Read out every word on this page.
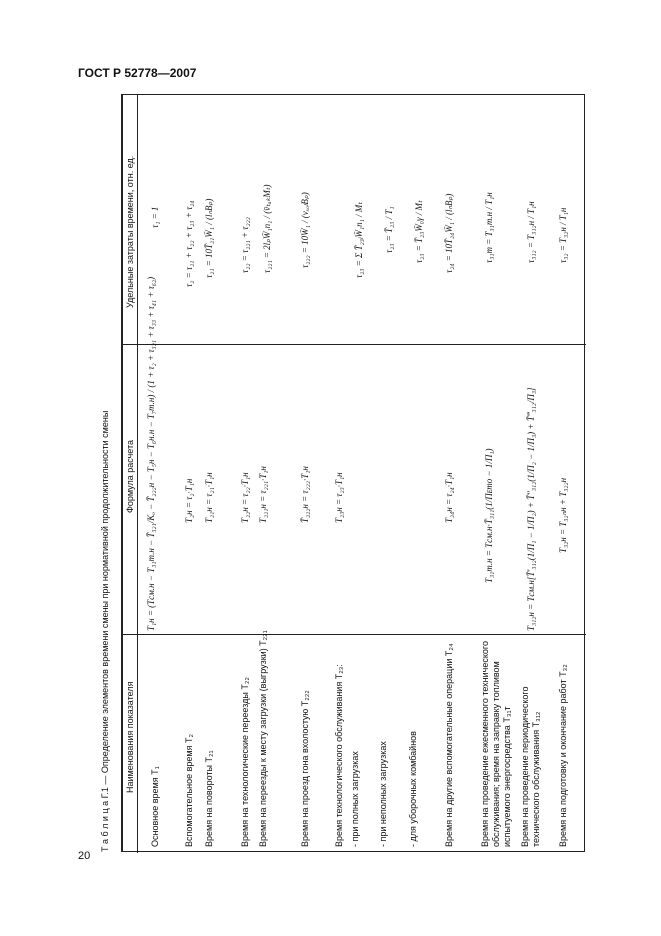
ГОСТ Р 52778—2007
20
Т а б л и ц а Г.1 — Определение элементов времени смены при нормативной продолжительности смены Наименования показателя
Формула расчета
Удельные затраты времени, отн. ед.
Основное время T₁
T₁н = (Tсм.н − T₃₁т.н − T̄₃₂₁/Kₒ − T̄₂₂₂н − T₅н − T₆н.н − T₇т.н) / (1 + τ₂ + τ₃₂₁ + τ₃₃ + τ₄₁ + τ₆₂)
τ₁ = 1
Вспомогательное время T₂
T₂н = τ₂·T₁н
τ₂ = τ₂₁ + τ₂₂ + τ₂₃ + τ₂₄
Время на повороты T₂₁
T₂₁н = τ₂₁·T₁н
τ₂₁ = 10T̄₂₁W̄₁ / (lₙBₚ)
Время на технологические переезды T₂₂
T₂₂н = τ₂₂·T₁н
τ₂₂ = τ₂₂₁ + τ₂₂₂
Время на переезды к месту загрузки (выгрузки) T₂₂₁
T₂₂₁н = τ₂₂₁·T₁н
τ₂₂₁ = 2lₚW̄₁n₁ / (v̄ₜₐₖMₜ)
Время на проезд гона вхолостую T₂₂₂
T̄₂₂₂н = τ₂₂₂·T₁н
τ₂₂₂ = 10W̄₁ / (vₓₒₗBₚ)
Время технологического обслуживания T₂₃:
T₂₃н = τ₂₃·T₁н
- при полных загрузках
τ₂₃ = Σ T̄₂₃ⱼW̄₁n₁ / Mₜ
- при неполных загрузках
τ₂₃ = T̄₂₃ / T₁
- для уборочных комбайнов
τ₂₃ = T̄₂₃W̄₀γ / Mₜ
Время на другие вспомогательные операции T₂₄
T₂₄н = τ₂₄·T₁н
τ₂₄ = 10T̄₂₄W̄₁ / (lₙBₚ)
Время на проведение ежесменного технического обслуживания; время на заправку топливом испытуемого энергосредства T₃₁т
T₃₁т.н = Tсм.н·T̄₃₁₁(1/Пᴇто − 1/П₁)
τ₃₁т = T₃₁т.н / T₁н
Время на проведение периодического технического обслуживания T₃₁₂
T₃₁₂н = Tсм.н[T̄′₃₁₂(1/П₁ − 1/П₂) + T̄″₃₁₂(1/П₂ − 1/П₃) + T̄‴₃₁₂/П₃]
τ₃₁₂ = T₃₁₂н / T₁н
Время на подготовку и окончание работ T₃₂
T₃₂н = T₃₂ₙн + T₃₂₂н
τ₃₂ = T₃₂н / T₁н
